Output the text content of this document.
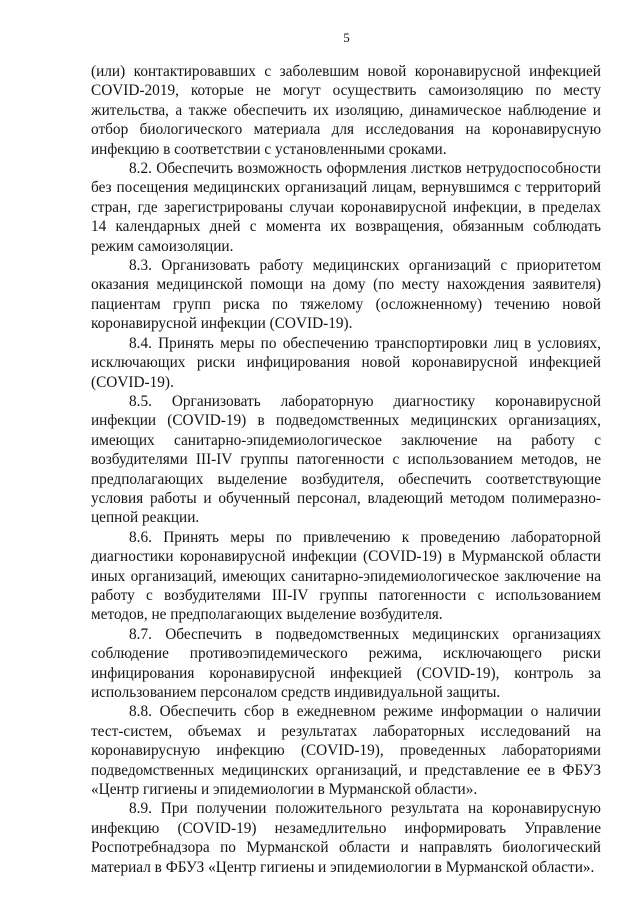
5

(или) контактировавших с заболевшим новой коронавирусной инфекцией COVID-2019, которые не могут осуществить самоизоляцию по месту жительства, а также обеспечить их изоляцию, динамическое наблюдение и отбор биологического материала для исследования на коронавирусную инфекцию в соответствии с установленными сроками.

8.2. Обеспечить возможность оформления листков нетрудоспособности без посещения медицинских организаций лицам, вернувшимся с территорий стран, где зарегистрированы случаи коронавирусной инфекции, в пределах 14 календарных дней с момента их возвращения, обязанным соблюдать режим самоизоляции.

8.3. Организовать работу медицинских организаций с приоритетом оказания медицинской помощи на дому (по месту нахождения заявителя) пациентам групп риска по тяжелому (осложненному) течению новой коронавирусной инфекции (COVID-19).

8.4. Принять меры по обеспечению транспортировки лиц в условиях, исключающих риски инфицирования новой коронавирусной инфекцией (COVID-19).

8.5. Организовать лабораторную диагностику коронавирусной инфекции (COVID-19) в подведомственных медицинских организациях, имеющих санитарно-эпидемиологическое заключение на работу с возбудителями III-IV группы патогенности с использованием методов, не предполагающих выделение возбудителя, обеспечить соответствующие условия работы и обученный персонал, владеющий методом полимеразно-цепной реакции.

8.6. Принять меры по привлечению к проведению лабораторной диагностики коронавирусной инфекции (COVID-19) в Мурманской области иных организаций, имеющих санитарно-эпидемиологическое заключение на работу с возбудителями III-IV группы патогенности с использованием методов, не предполагающих выделение возбудителя.

8.7. Обеспечить в подведомственных медицинских организациях соблюдение противоэпидемического режима, исключающего риски инфицирования коронавирусной инфекцией (COVID-19), контроль за использованием персоналом средств индивидуальной защиты.

8.8. Обеспечить сбор в ежедневном режиме информации о наличии тест-систем, объемах и результатах лабораторных исследований на коронавирусную инфекцию (COVID-19), проведенных лабораториями подведомственных медицинских организаций, и представление ее в ФБУЗ «Центр гигиены и эпидемиологии в Мурманской области».

8.9. При получении положительного результата на коронавирусную инфекцию (COVID-19) незамедлительно информировать Управление Роспотребнадзора по Мурманской области и направлять биологический материал в ФБУЗ «Центр гигиены и эпидемиологии в Мурманской области».
